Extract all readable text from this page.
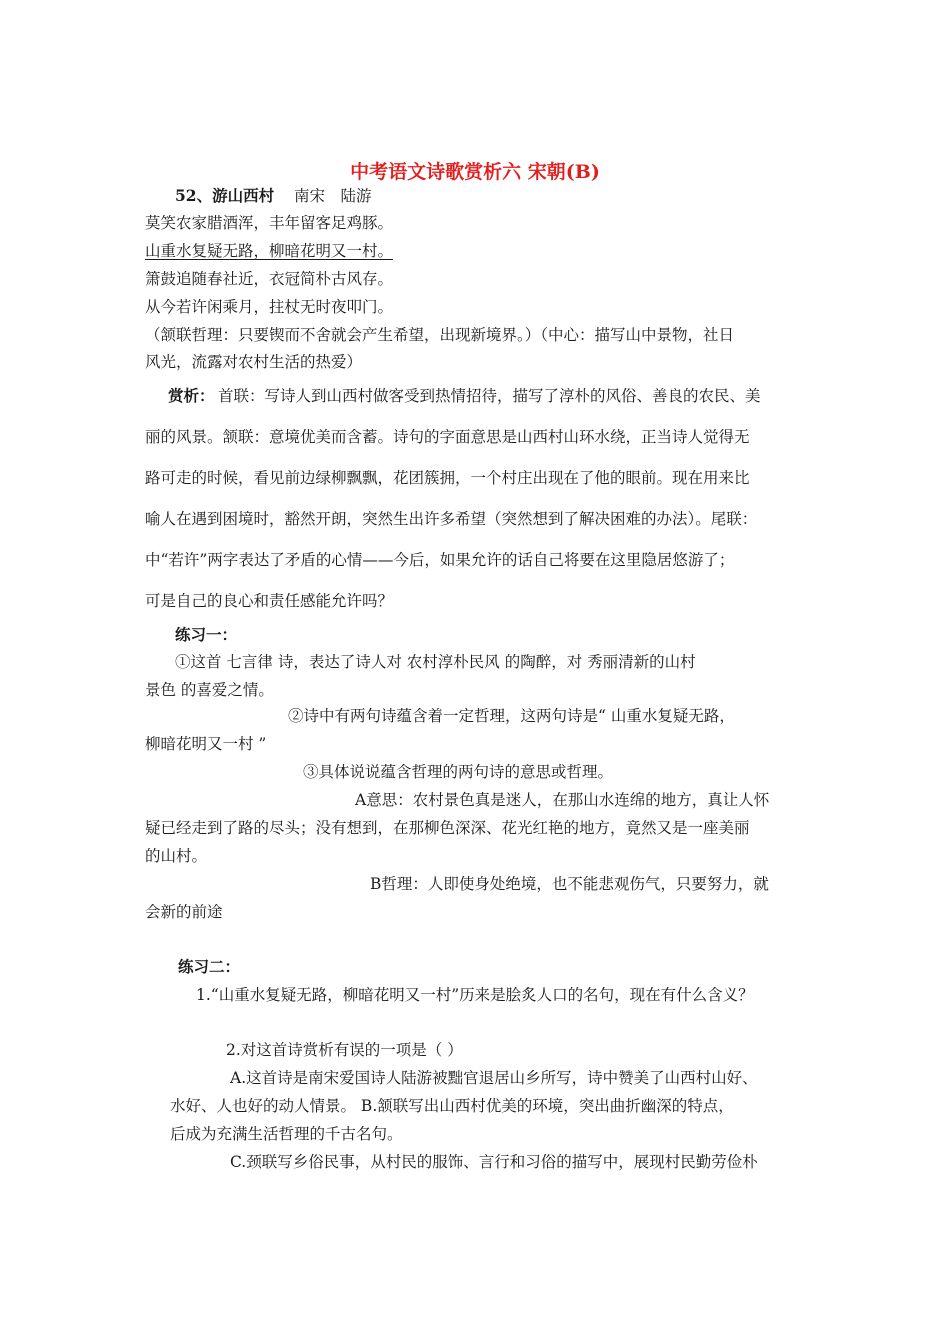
中考语文诗歌赏析六 宋朝(B)

52、游山西村 南宋　陆游

莫笑农家腊酒浑，丰年留客足鸡豚。

山重水复疑无路，柳暗花明又一村。

箫鼓追随春社近，衣冠简朴古风存。

从今若许闲乘月，拄杖无时夜叩门。

（颔联哲理：只要锲而不舍就会产生希望，出现新境界。）（中心：描写山中景物，社日

风光，流露对农村生活的热爱）

赏析： 首联：写诗人到山西村做客受到热情招待，描写了淳朴的风俗、善良的农民、美

丽的风景。颔联：意境优美而含蓄。诗句的字面意思是山西村山环水绕，正当诗人觉得无

路可走的时候，看见前边绿柳飘飘，花团簇拥，一个村庄出现在了他的眼前。现在用来比

喻人在遇到困境时，豁然开朗，突然生出许多希望（突然想到了解决困难的办法）。尾联：

中“若许”两字表达了矛盾的心情——今后，如果允许的话自己将要在这里隐居悠游了；

可是自己的良心和责任感能允许吗？

练习一：

①这首 七言律 诗，表达了诗人对 农村淳朴民风 的陶醉，对 秀丽清新的山村

景色 的喜爱之情。

②诗中有两句诗蕴含着一定哲理，这两句诗是“ 山重水复疑无路，

柳暗花明又一村 ”

③具体说说蕴含哲理的两句诗的意思或哲理。

A意思：农村景色真是迷人，在那山水连绵的地方，真让人怀

疑已经走到了路的尽头；没有想到，在那柳色深深、花光红艳的地方，竟然又是一座美丽

的山村。

B哲理：人即使身处绝境，也不能悲观伤气，只要努力，就

会新的前途

练习二：

1.“山重水复疑无路，柳暗花明又一村”历来是脍炙人口的名句，现在有什么含义？

2.对这首诗赏析有误的一项是（ ）

A.这首诗是南宋爱国诗人陆游被黜官退居山乡所写，诗中赞美了山西村山好、

水好、人也好的动人情景。 B.颔联写出山西村优美的环境，突出曲折幽深的特点，

后成为充满生活哲理的千古名句。

C.颈联写乡俗民事，从村民的服饰、言行和习俗的描写中，展现村民勤劳俭朴
